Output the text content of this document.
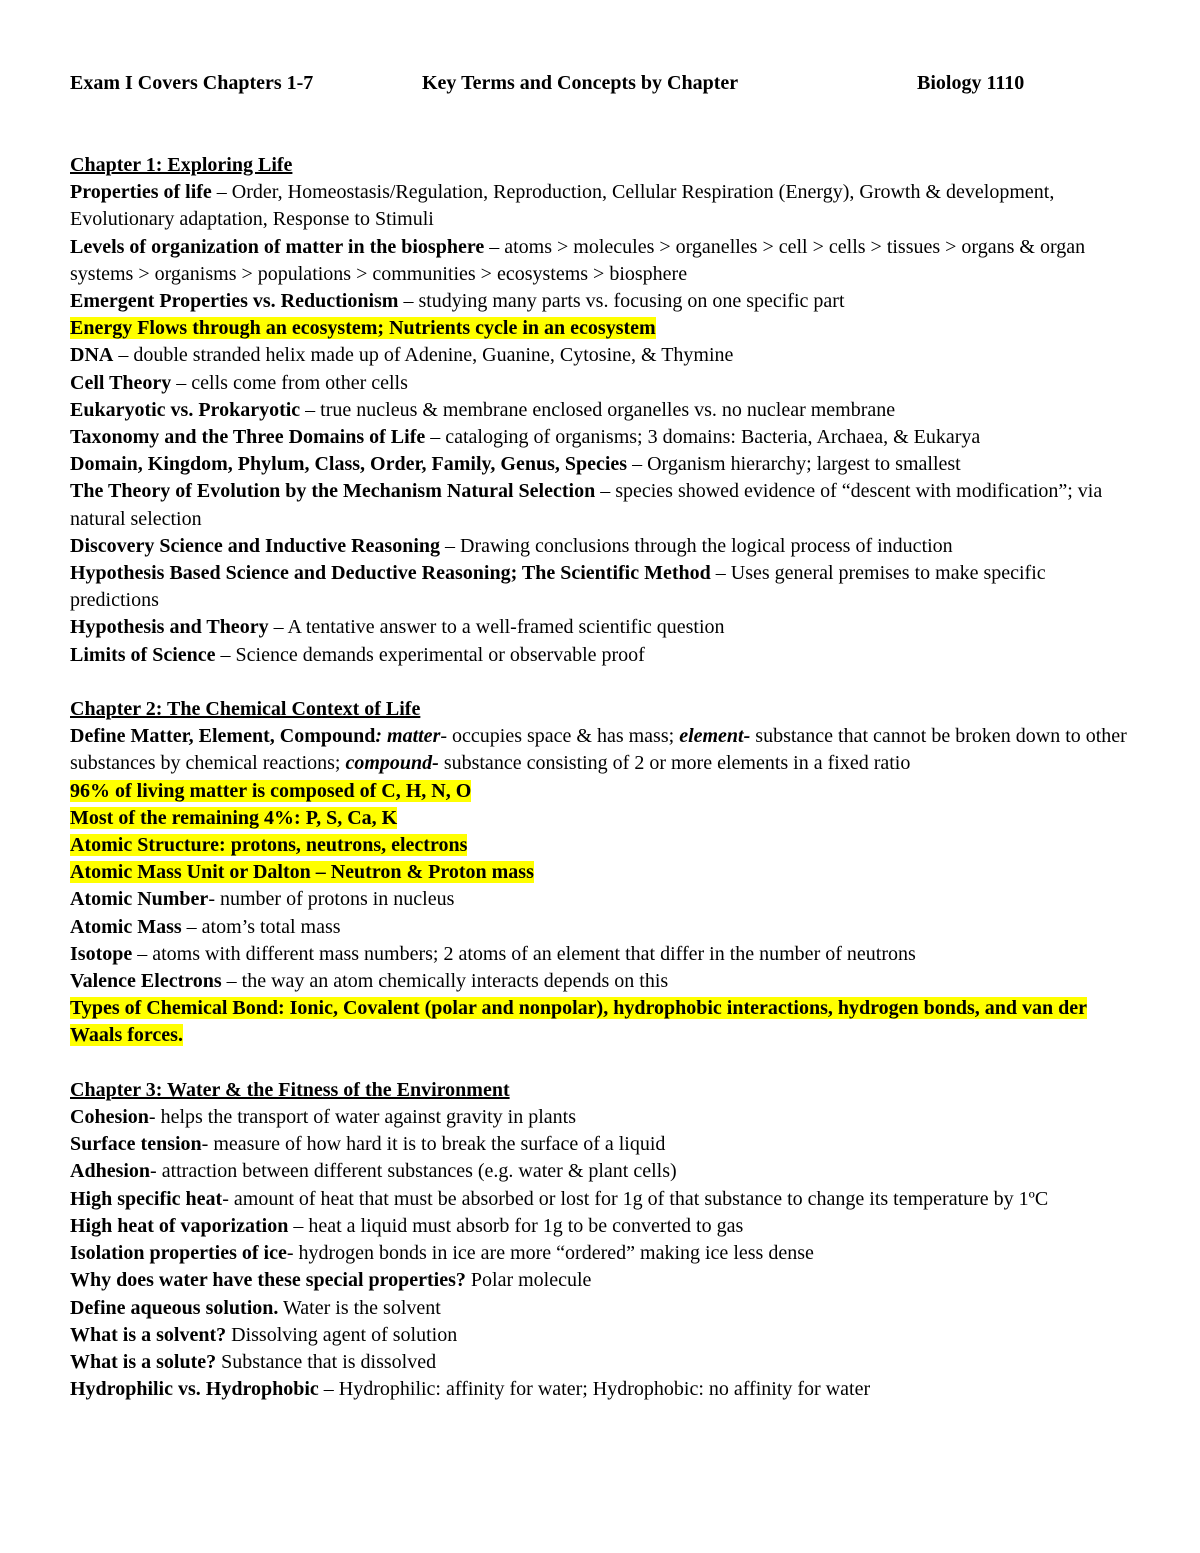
Exam I Covers Chapters 1-7	Key Terms and Concepts by Chapter	Biology 1110
Chapter 1: Exploring Life
Properties of life – Order, Homeostasis/Regulation, Reproduction, Cellular Respiration (Energy), Growth & development, Evolutionary adaptation, Response to Stimuli
Levels of organization of matter in the biosphere – atoms > molecules > organelles > cell > cells > tissues > organs & organ systems > organisms > populations > communities > ecosystems > biosphere
Emergent Properties vs. Reductionism – studying many parts vs. focusing on one specific part
Energy Flows through an ecosystem; Nutrients cycle in an ecosystem
DNA – double stranded helix made up of Adenine, Guanine, Cytosine, & Thymine
Cell Theory – cells come from other cells
Eukaryotic vs. Prokaryotic – true nucleus & membrane enclosed organelles vs. no nuclear membrane
Taxonomy and the Three Domains of Life – cataloging of organisms; 3 domains: Bacteria, Archaea, & Eukarya
Domain, Kingdom, Phylum, Class, Order, Family, Genus, Species – Organism hierarchy; largest to smallest
The Theory of Evolution by the Mechanism Natural Selection – species showed evidence of “descent with modification”; via natural selection
Discovery Science and Inductive Reasoning – Drawing conclusions through the logical process of induction
Hypothesis Based Science and Deductive Reasoning; The Scientific Method – Uses general premises to make specific predictions
Hypothesis and Theory – A tentative answer to a well-framed scientific question
Limits of Science – Science demands experimental or observable proof
Chapter 2: The Chemical Context of Life
Define Matter, Element, Compound: matter- occupies space & has mass; element- substance that cannot be broken down to other substances by chemical reactions; compound- substance consisting of 2 or more elements in a fixed ratio
96% of living matter is composed of C, H, N, O
Most of the remaining 4%: P, S, Ca, K
Atomic Structure: protons, neutrons, electrons
Atomic Mass Unit or Dalton – Neutron & Proton mass
Atomic Number- number of protons in nucleus
Atomic Mass – atom’s total mass
Isotope – atoms with different mass numbers; 2 atoms of an element that differ in the number of neutrons
Valence Electrons – the way an atom chemically interacts depends on this
Types of Chemical Bond: Ionic, Covalent (polar and nonpolar), hydrophobic interactions, hydrogen bonds, and van der Waals forces.
Chapter 3: Water & the Fitness of the Environment
Cohesion- helps the transport of water against gravity in plants
Surface tension- measure of how hard it is to break the surface of a liquid
Adhesion- attraction between different substances (e.g. water & plant cells)
High specific heat- amount of heat that must be absorbed or lost for 1g of that substance to change its temperature by 1ºC
High heat of vaporization – heat a liquid must absorb for 1g to be converted to gas
Isolation properties of ice- hydrogen bonds in ice are more “ordered” making ice less dense
Why does water have these special properties? Polar molecule
Define aqueous solution. Water is the solvent
What is a solvent? Dissolving agent of solution
What is a solute? Substance that is dissolved
Hydrophilic vs. Hydrophobic – Hydrophilic: affinity for water; Hydrophobic: no affinity for water
